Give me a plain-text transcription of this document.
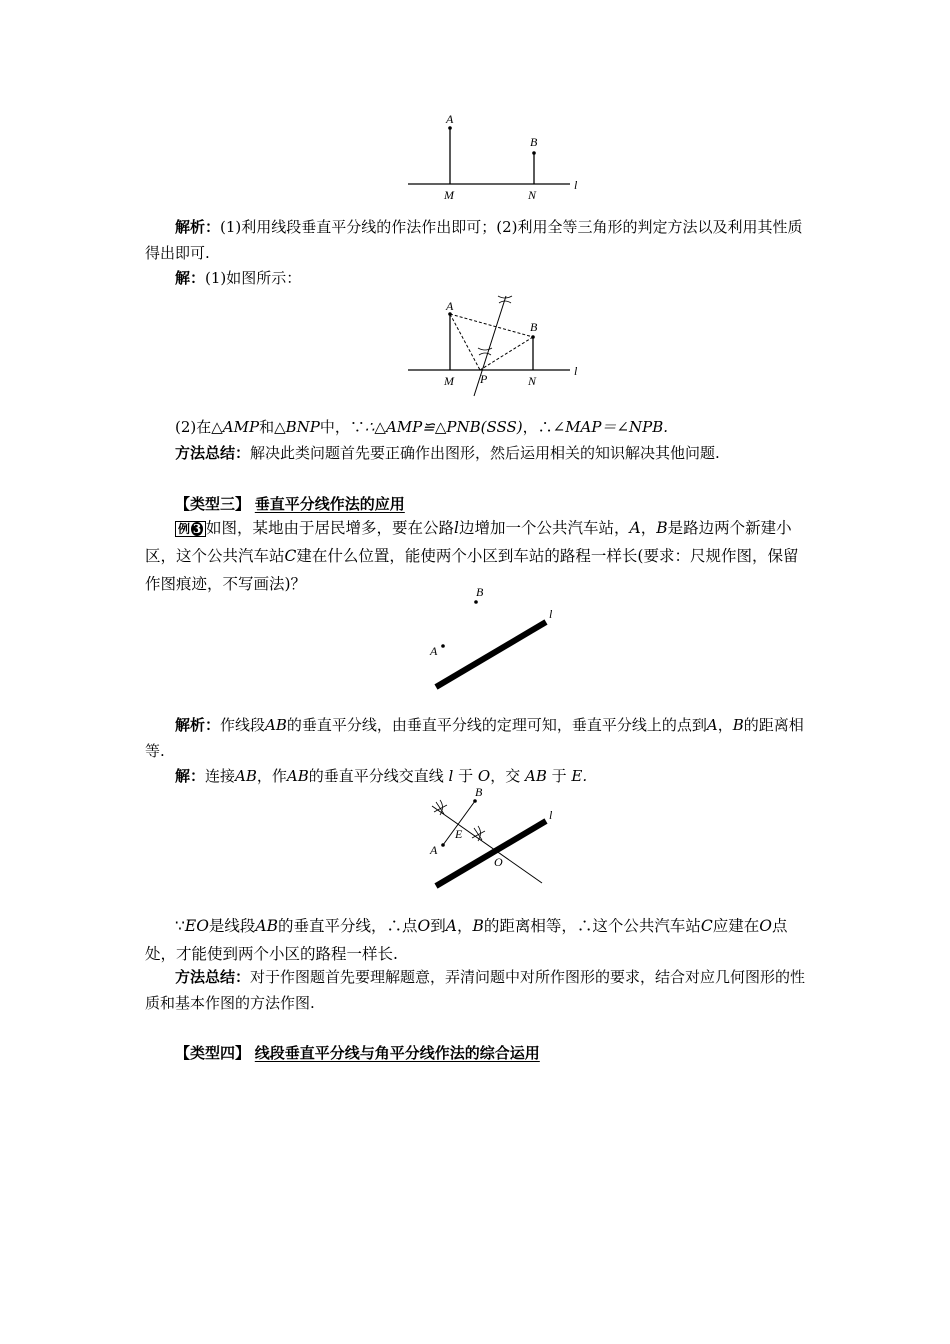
A
B
M	N
l

解析：(1)利用线段垂直平分线的作法作出即可；(2)利用全等三角形的判定方法以及利用其性质得出即可.

解：(1)如图所示：

A
B
M P	N
l

(2)在△AMP和△BNP中，∵∴△AMP≌△PNB(SSS)，∴∠MAP＝∠NPB.

方法总结：解决此类问题首先要正确作出图形，然后运用相关的知识解决其他问题.

【类型三】 垂直平分线作法的应用

例 3 如图，某地由于居民增多，要在公路l边增加一个公共汽车站，A，B是路边两个新建小区，这个公共汽车站C建在什么位置，能使两个小区到车站的路程一样长(要求：尺规作图，保留作图痕迹，不写画法)？	B
A
l

解析：作线段AB的垂直平分线，由垂直平分线的定理可知，垂直平分线上的点到A，B的距离相等.

解：连接AB，作AB的垂直平分线交直线 l 于 O，交 AB 于 E.

B
A
E
O
l

∵EO是线段AB的垂直平分线，∴点O到A，B的距离相等，∴这个公共汽车站C应建在O点处，才能使到两个小区的路程一样长.

方法总结：对于作图题首先要理解题意，弄清问题中对所作图形的要求，结合对应几何图形的性质和基本作图的方法作图.

【类型四】 线段垂直平分线与角平分线作法的综合运用
